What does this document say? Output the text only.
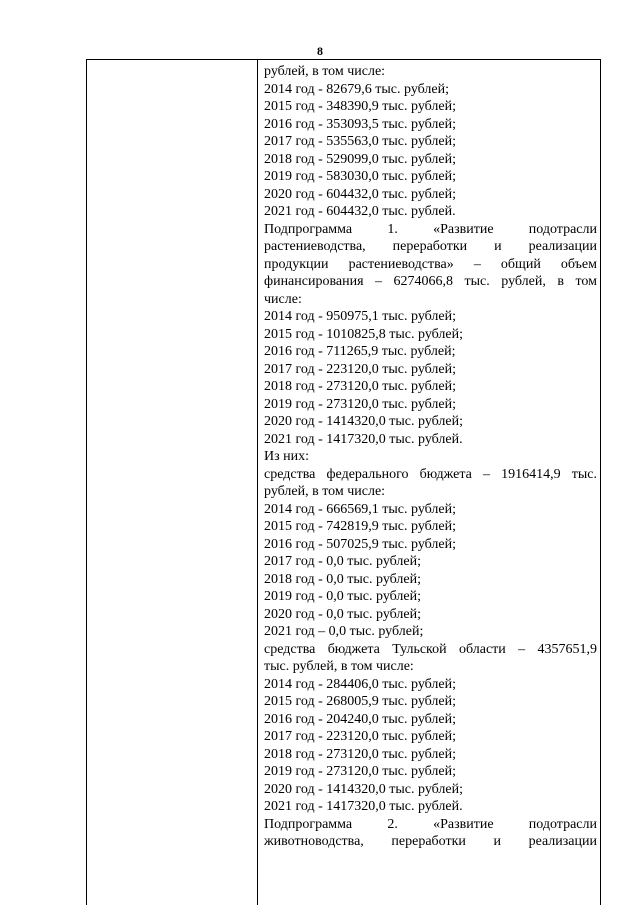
8
рублей, в том числе:
2014 год - 82679,6 тыс. рублей;
2015 год - 348390,9 тыс. рублей;
2016 год - 353093,5 тыс. рублей;
2017 год - 535563,0 тыс. рублей;
2018 год - 529099,0 тыс. рублей;
2019 год - 583030,0 тыс. рублей;
2020 год - 604432,0 тыс. рублей;
2021 год - 604432,0 тыс. рублей.
Подпрограмма 1. «Развитие подотрасли
растениеводства, переработки и реализации
продукции растениеводства» – общий объем
финансирования – 6274066,8 тыс. рублей, в том
числе:
2014 год - 950975,1 тыс. рублей;
2015 год - 1010825,8 тыс. рублей;
2016 год - 711265,9 тыс. рублей;
2017 год - 223120,0 тыс. рублей;
2018 год - 273120,0 тыс. рублей;
2019 год - 273120,0 тыс. рублей;
2020 год - 1414320,0 тыс. рублей;
2021 год - 1417320,0 тыс. рублей.
Из них:
средства федерального бюджета – 1916414,9 тыс.
рублей, в том числе:
2014 год - 666569,1 тыс. рублей;
2015 год - 742819,9 тыс. рублей;
2016 год - 507025,9 тыс. рублей;
2017 год - 0,0 тыс. рублей;
2018 год - 0,0 тыс. рублей;
2019 год - 0,0 тыс. рублей;
2020 год - 0,0 тыс. рублей;
2021 год – 0,0 тыс. рублей;
средства бюджета Тульской области – 4357651,9
тыс. рублей, в том числе:
2014 год - 284406,0 тыс. рублей;
2015 год - 268005,9 тыс. рублей;
2016 год - 204240,0 тыс. рублей;
2017 год - 223120,0 тыс. рублей;
2018 год - 273120,0 тыс. рублей;
2019 год - 273120,0 тыс. рублей;
2020 год - 1414320,0 тыс. рублей;
2021 год - 1417320,0 тыс. рублей.
Подпрограмма 2. «Развитие подотрасли
животноводства, переработки и реализации
